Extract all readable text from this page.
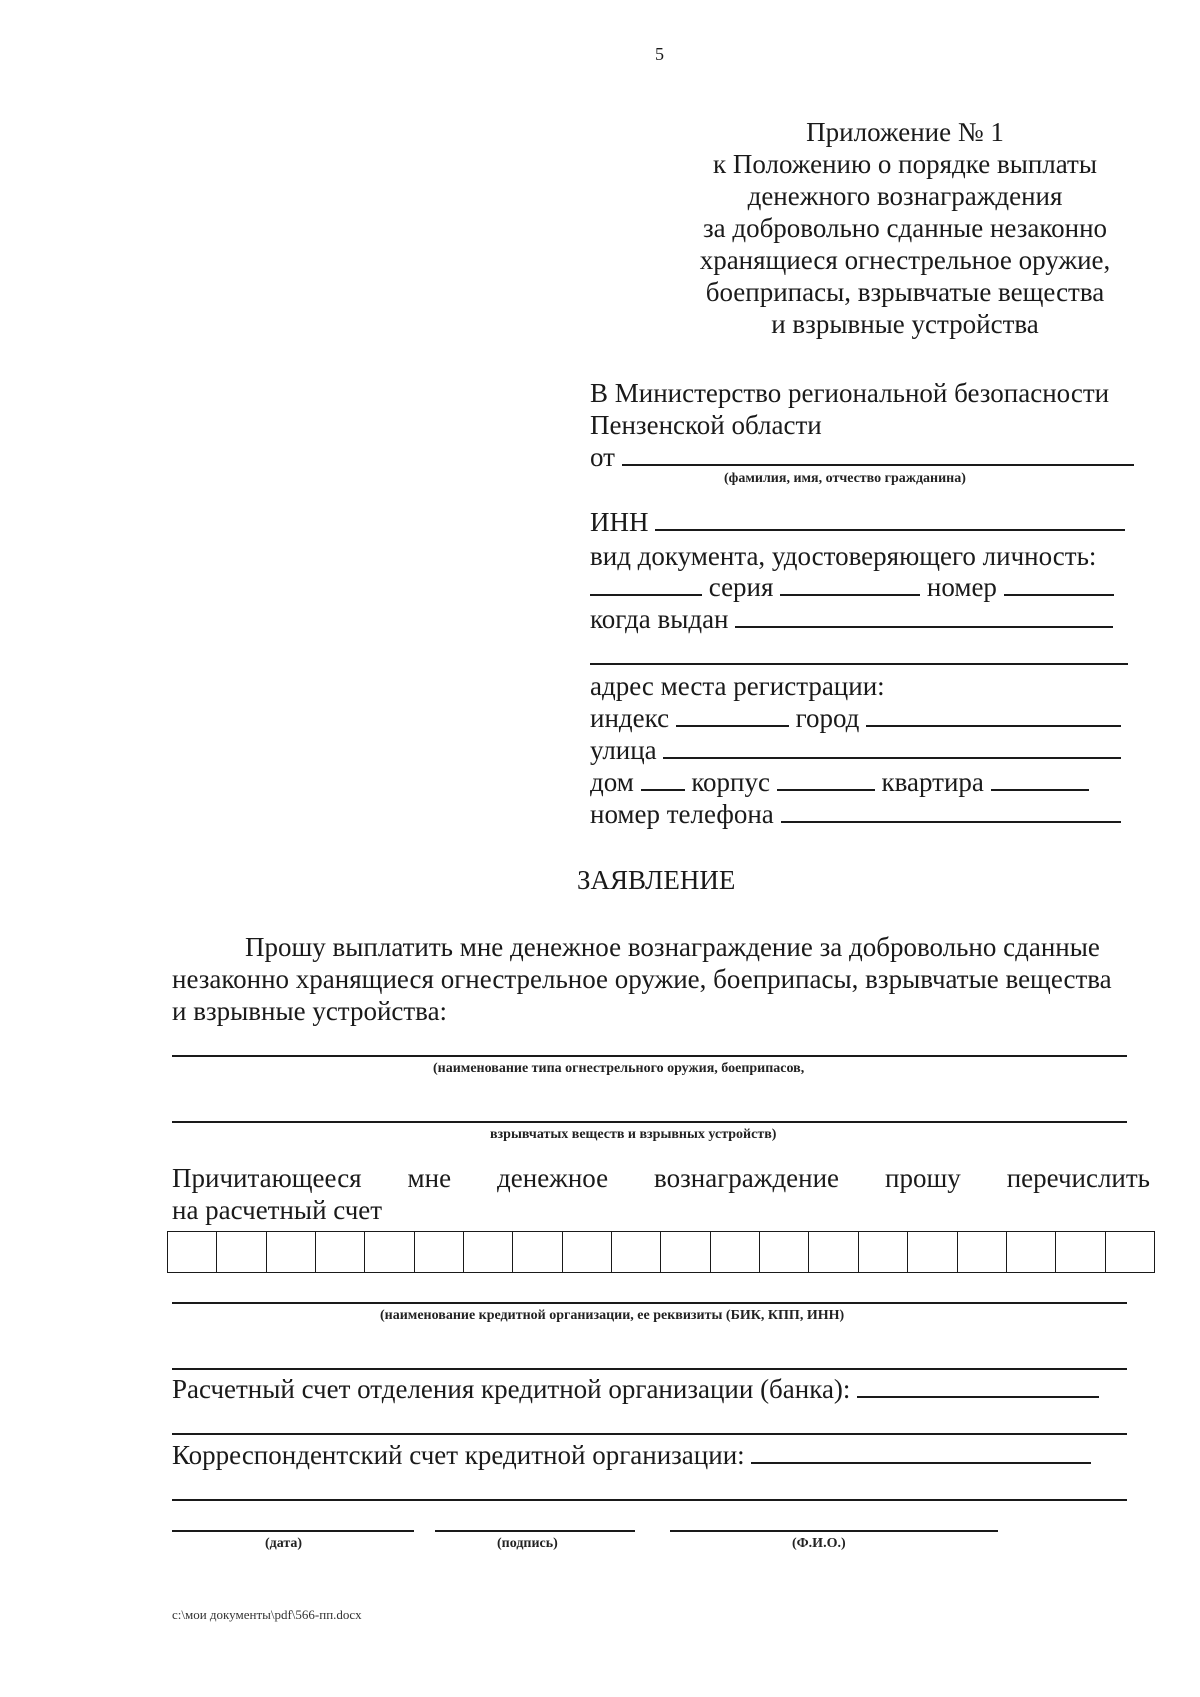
5
Приложение № 1
к Положению о порядке выплаты
денежного вознаграждения
за добровольно сданные незаконно
хранящиеся огнестрельное оружие,
боеприпасы, взрывчатые вещества
и взрывные устройства
В Министерство региональной безопасности
Пензенской области
от
(фамилия, имя, отчество гражданина)
ИНН
вид документа, удостоверяющего личность:
серия	номер
когда выдан
адрес места регистрации:
индекс	город
улица
дом корпус	квартира
номер телефона
ЗАЯВЛЕНИЕ
Прошу выплатить мне денежное вознаграждение за добровольно сданные
незаконно хранящиеся огнестрельное оружие, боеприпасы, взрывчатые вещества
и взрывные устройства:
(наименование типа огнестрельного оружия, боеприпасов,
взрывчатых веществ и взрывных устройств)
Причитающееся мне денежное вознаграждение прошу перечислить
на расчетный счет
(наименование кредитной организации, ее реквизиты (БИК, КПП, ИНН)
Расчетный счет отделения кредитной организации (банка):
Корреспондентский счет кредитной организации:
(дата)	(подпись)	(Ф.И.О.)
c:\мои документы\pdf\566-пп.docx
